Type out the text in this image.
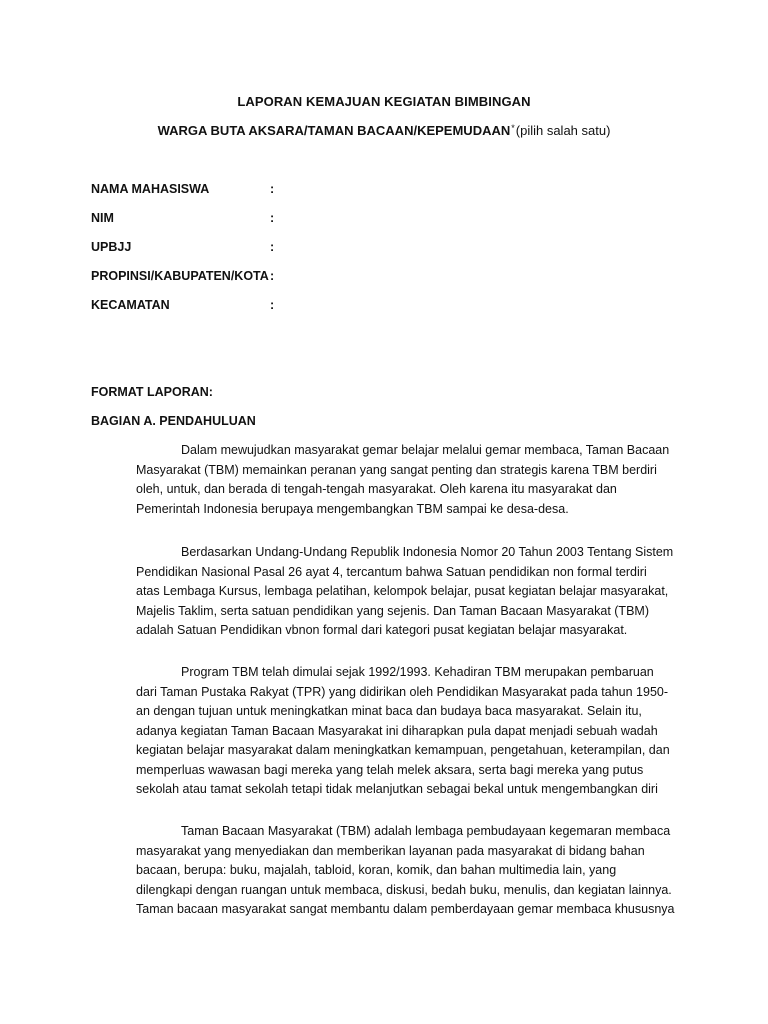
LAPORAN KEMAJUAN KEGIATAN BIMBINGAN
WARGA BUTA AKSARA/TAMAN BACAAN/KEPEMUDAAN*(pilih salah satu)
NAMA MAHASISWA	:
NIM	:
UPBJJ	:
PROPINSI/KABUPATEN/KOTA:
KECAMATAN	:
FORMAT LAPORAN:
BAGIAN A. PENDAHULUAN
Dalam mewujudkan masyarakat gemar belajar melalui gemar membaca, Taman Bacaan
Masyarakat (TBM) memainkan peranan yang sangat penting dan strategis karena TBM berdiri
oleh, untuk, dan berada di tengah-tengah masyarakat. Oleh karena itu masyarakat dan
Pemerintah Indonesia berupaya mengembangkan TBM sampai ke desa-desa.
Berdasarkan Undang-Undang Republik Indonesia Nomor 20 Tahun 2003 Tentang Sistem
Pendidikan Nasional Pasal 26 ayat 4, tercantum bahwa Satuan pendidikan non formal terdiri
atas Lembaga Kursus, lembaga pelatihan, kelompok belajar, pusat kegiatan belajar masyarakat,
Majelis Taklim, serta satuan pendidikan yang sejenis. Dan Taman Bacaan Masyarakat (TBM)
adalah Satuan Pendidikan vbnon formal dari kategori pusat kegiatan belajar masyarakat.
Program TBM telah dimulai sejak 1992/1993. Kehadiran TBM merupakan pembaruan
dari Taman Pustaka Rakyat (TPR) yang didirikan oleh Pendidikan Masyarakat pada tahun 1950-
an dengan tujuan untuk meningkatkan minat baca dan budaya baca masyarakat. Selain itu,
adanya kegiatan Taman Bacaan Masyarakat ini diharapkan pula dapat menjadi sebuah wadah
kegiatan belajar masyarakat dalam meningkatkan kemampuan, pengetahuan, keterampilan, dan
memperluas wawasan bagi mereka yang telah melek aksara, serta bagi mereka yang putus
sekolah atau tamat sekolah tetapi tidak melanjutkan sebagai bekal untuk mengembangkan diri
Taman Bacaan Masyarakat (TBM) adalah lembaga pembudayaan kegemaran membaca
masyarakat yang menyediakan dan memberikan layanan pada masyarakat di bidang bahan
bacaan, berupa: buku, majalah, tabloid, koran, komik, dan bahan multimedia lain, yang
dilengkapi dengan ruangan untuk membaca, diskusi, bedah buku, menulis, dan kegiatan lainnya.
Taman bacaan masyarakat sangat membantu dalam pemberdayaan gemar membaca khususnya
